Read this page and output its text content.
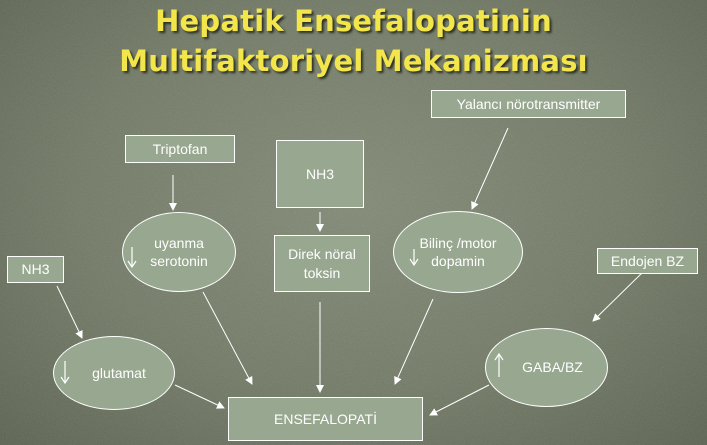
Hepatik Ensefalopatinin
Multifaktoriyel Mekanizması
Yalancı nörotransmitter
Triptofan
NH3
Direk nöral
toksin
NH3
Endojen BZ
ENSEFALOPATİ
uyanma
serotonin
Bilinç /motor
dopamin
glutamat	GABA/BZ
